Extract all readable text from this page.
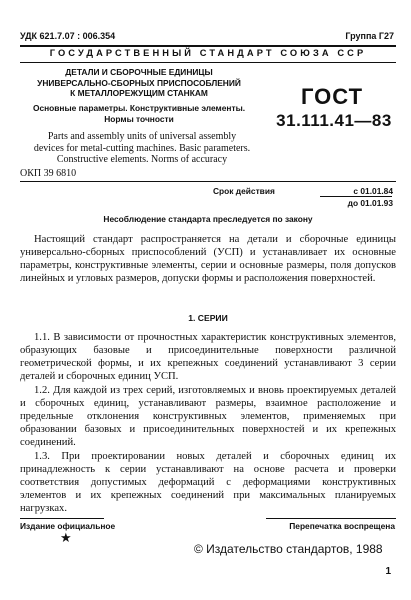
УДК 621.7.07 : 006.354	Группа Г27
ГОСУДАРСТВЕННЫЙ СТАНДАРТ СОЮЗА ССР
ДЕТАЛИ И СБОРОЧНЫЕ ЕДИНИЦЫ
УНИВЕРСАЛЬНО-СБОРНЫХ ПРИСПОСОБЛЕНИЙ
К МЕТАЛЛОРЕЖУЩИМ СТАНКАМ
Основные параметры. Конструктивные элементы.
Нормы точности
ГОСТ
31.111.41—83
Parts and assembly units of universal assembly
devices for metal-cutting machines. Basic parameters.
Constructive elements. Norms of accuracy
ОКП 39 6810
Срок действия	с 01.01.84
до 01.01.93
Несоблюдение стандарта преследуется по закону
Настоящий стандарт распространяется на детали и сборочные единицы универсально-сборных приспособлений (УСП) и устанавливает их основные параметры, конструктивные элементы, серии и основные размеры, поля допусков линейных и угловых размеров, допуски формы и расположения поверхностей.
1. СЕРИИ
1.1. В зависимости от прочностных характеристик конструктивных элементов, образующих базовые и присоединительные поверхности различной геометрической формы, и их крепежных соединений устанавливают 3 серии деталей и сборочных единиц УСП.
1.2. Для каждой из трех серий, изготовляемых и вновь проектируемых деталей и сборочных единиц, устанавливают размеры, взаимное расположение и предельные отклонения конструктивных элементов, применяемых при образовании базовых и присоединительных поверхностей и их крепежных соединений.
1.3. При проектировании новых деталей и сборочных единиц их принадлежность к серии устанавливают на основе расчета и проверки соответствия допустимых деформаций с деформациями конструктивных элементов и их крепежных соединений при максимальных планируемых нагрузках.
Издание официальное	Перепечатка воспрещена
★
© Издательство стандартов, 1988
1
